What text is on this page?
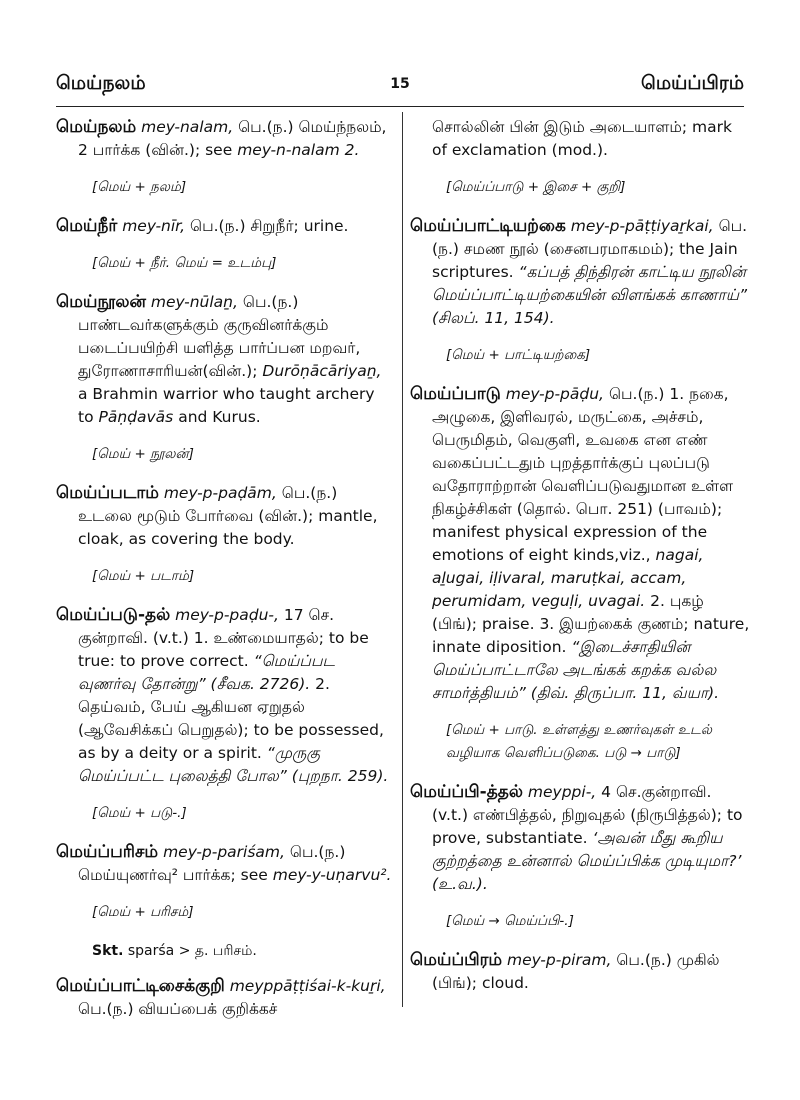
மெய்நலம்	15	மெய்ப்பிரம்

மெய்நலம் mey-nalam, பெ.(ந.) மெய்ந்நலம், 2 பார்க்க (வின்.); see mey-n-nalam 2.

[மெய் + நலம்]

மெய்நீர் mey-nīr, பெ.(ந.) சிறுநீர்; urine.

[மெய் + நீர். மெய் = உடம்பு]

மெய்நூலன் mey-nūlaṉ, பெ.(ந.) பாண்டவர்களுக்கும் குருவினர்க்கும் படைப்பயிற்சி யளித்த பார்ப்பன மறவர், துரோணாசாரியன்(வின்.); Durōṇācāriyaṉ, a Brahmin warrior who taught archery to Pāṇḍavās and Kurus.

[மெய் + நூலன்]

மெய்ப்படாம் mey-p-paḍām, பெ.(ந.) உடலை மூடும் போர்வை (வின்.); mantle, cloak, as covering the body.

[மெய் + படாம்]

மெய்ப்படு-தல் mey-p-paḍu-, 17 செ. குன்றாவி. (v.t.) 1. உண்மையாதல்; to be true: to prove correct. “மெய்ப்பட வுணர்வு தோன்று” (சீவக. 2726). 2. தெய்வம், பேய் ஆகியன ஏறுதல் (ஆவேசிக்கப் பெறுதல்); to be possessed, as by a deity or a spirit. “முருகு மெய்ப்பட்ட புலைத்தி போல” (புறநா. 259).

[மெய் + படு-.]

மெய்ப்பரிசம் mey-p-pariśam, பெ.(ந.) மெய்யுணர்வு² பார்க்க; see mey-y-uṇarvu².

[மெய் + பரிசம்]
Skt. sparśa > த. பரிசம்.

மெய்ப்பாட்டிசைக்குறி meyppāṭṭiśai-k-kuṟi, பெ.(ந.) வியப்பைக் குறிக்கச்

சொல்லின் பின் இடும் அடையாளம்; mark of exclamation (mod.).

[மெய்ப்பாடு + இசை + குறி]

மெய்ப்பாட்டியற்கை mey-p-pāṭṭiyaṟkai, பெ. (ந.) சமண நூல் (சைனபரமாகமம்); the Jain scriptures. “கப்பத் திந்திரன் காட்டிய நூலின் மெய்ப்பாட்டியற்கையின் விளங்கக் காணாய்” (சிலப். 11, 154).

[மெய் + பாட்டியற்கை]

மெய்ப்பாடு mey-p-pāḍu, பெ.(ந.) 1. நகை, அழுகை, இளிவரல், மருட்கை, அச்சம், பெருமிதம், வெகுளி, உவகை என எண் வகைப்பட்டதும் புறத்தார்க்குப் புலப்படு வதோராற்றான் வெளிப்படுவதுமான உள்ள நிகழ்ச்சிகள் (தொல். பொ. 251) (பாவம்); manifest physical expression of the emotions of eight kinds,viz., nagai, aḻugai, iḷivaral, maruṭkai, accam, perumidam, veguḷi, uvagai. 2. புகழ் (பிங்); praise. 3. இயற்கைக் குணம்; nature, innate diposition. “இடைச்சாதியின் மெய்ப்பாட்டாலே அடங்கக் கறக்க வல்ல சாமர்த்தியம்” (திவ். திருப்பா. 11, வ்யா).

[மெய் + பாடு. உள்ளத்து உணர்வுகள் உடல் வழியாக வெளிப்படுகை. படு → பாடு]

மெய்ப்பி-த்தல் meyppi-, 4 செ.குன்றாவி. (v.t.) எண்பித்தல், நிறுவுதல் (நிருபித்தல்); to prove, substantiate. ‘அவன் மீது கூறிய குற்றத்தை உன்னால் மெய்ப்பிக்க முடியுமா?’ (உ.வ.).

[மெய் → மெய்ப்பி-.]

மெய்ப்பிரம் mey-p-piram, பெ.(ந.) முகில் (பிங்); cloud.
